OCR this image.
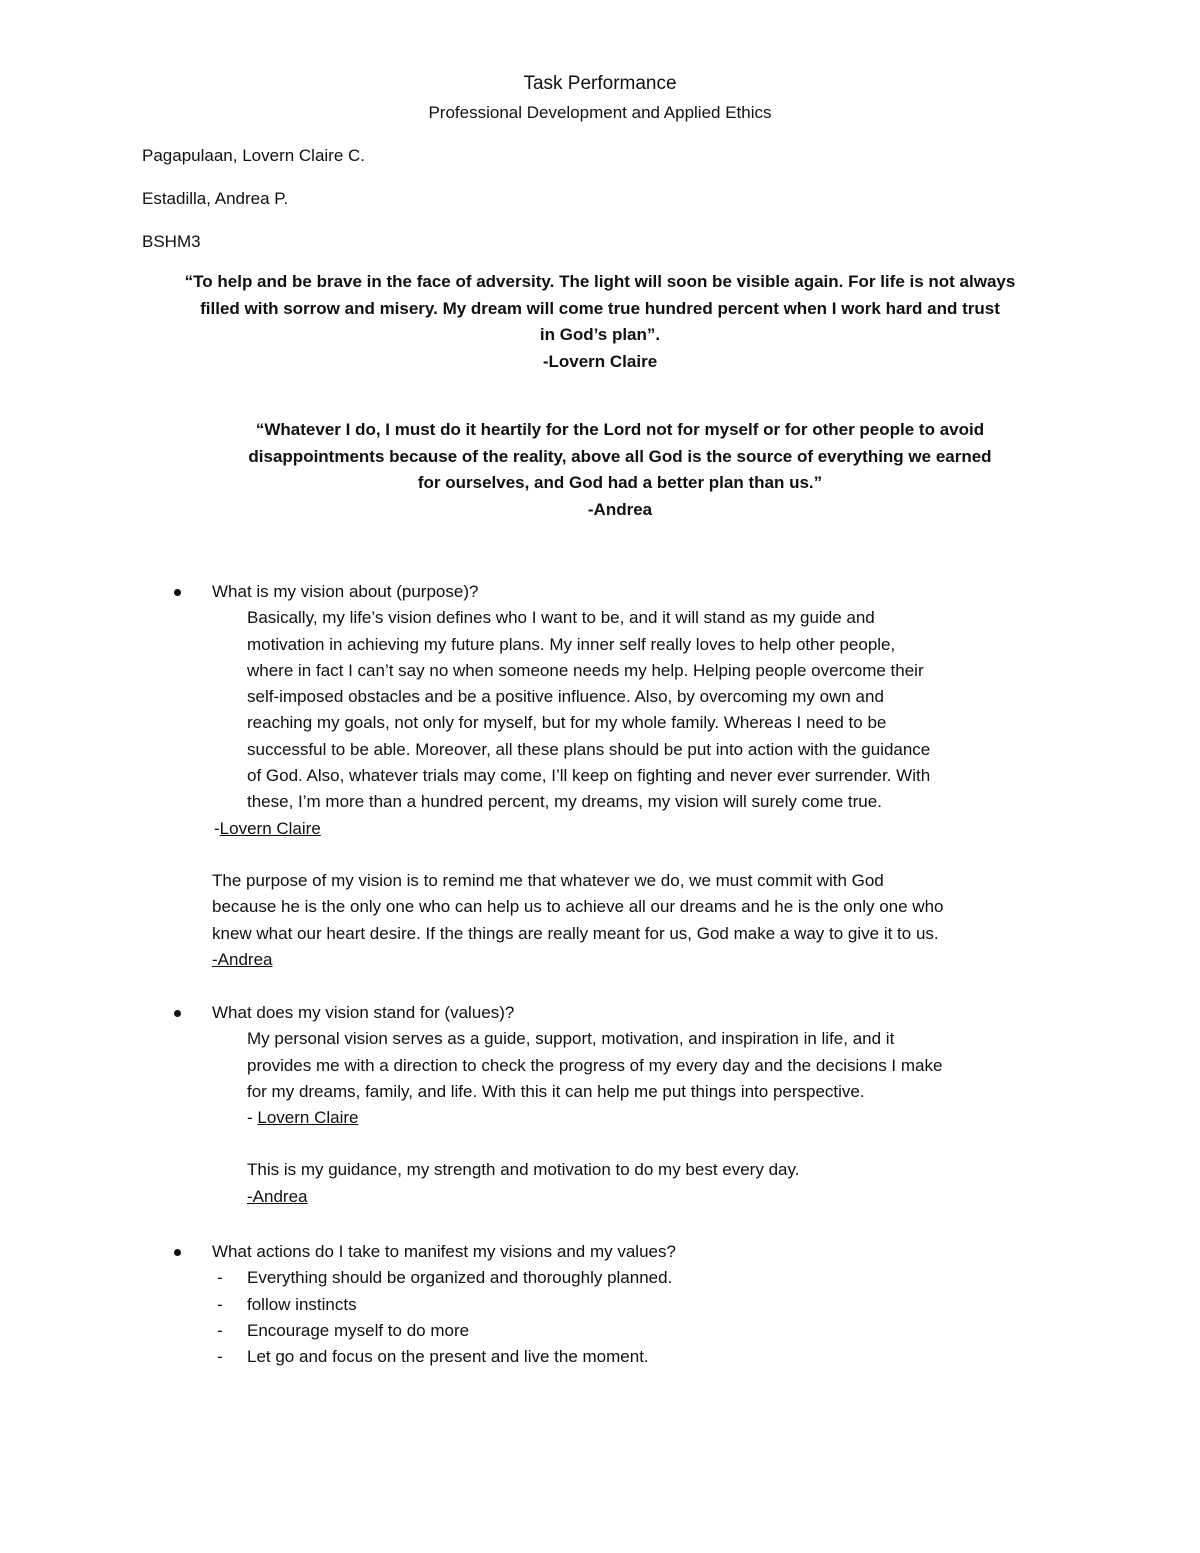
Task Performance
Professional Development and Applied Ethics
Pagapulaan, Lovern Claire C.
Estadilla, Andrea P.
BSHM3

“To help and be brave in the face of adversity. The light will soon be visible again. For life is not always

filled with sorrow and misery. My dream will come true hundred percent when I work hard and trust

in God’s plan”.

-Lovern Claire

“Whatever I do, I must do it heartily for the Lord not for myself or for other people to avoid

disappointments because of the reality, above all God is the source of everything we earned

for ourselves, and God had a better plan than us.”

-Andrea

What is my vision about (purpose)?

Basically, my life’s vision defines who I want to be, and it will stand as my guide and

motivation in achieving my future plans. My inner self really loves to help other people,

where in fact I can’t say no when someone needs my help. Helping people overcome their

self-imposed obstacles and be a positive influence. Also, by overcoming my own and

reaching my goals, not only for myself, but for my whole family. Whereas I need to be

successful to be able. Moreover, all these plans should be put into action with the guidance

of God. Also, whatever trials may come, I’ll keep on fighting and never ever surrender. With

these, I’m more than a hundred percent, my dreams, my vision will surely come true.

-Lovern Claire

The purpose of my vision is to remind me that whatever we do, we must commit with God

because he is the only one who can help us to achieve all our dreams and he is the only one who

knew what our heart desire. If the things are really meant for us, God make a way to give it to us.

-Andrea

What does my vision stand for (values)?

My personal vision serves as a guide, support, motivation, and inspiration in life, and it

provides me with a direction to check the progress of my every day and the decisions I make

for my dreams, family, and life. With this it can help me put things into perspective.

- Lovern Claire

This is my guidance, my strength and motivation to do my best every day.

-Andrea

What actions do I take to manifest my visions and my values?
- Everything should be organized and thoroughly planned.
- follow instincts
- Encourage myself to do more
- Let go and focus on the present and live the moment.
